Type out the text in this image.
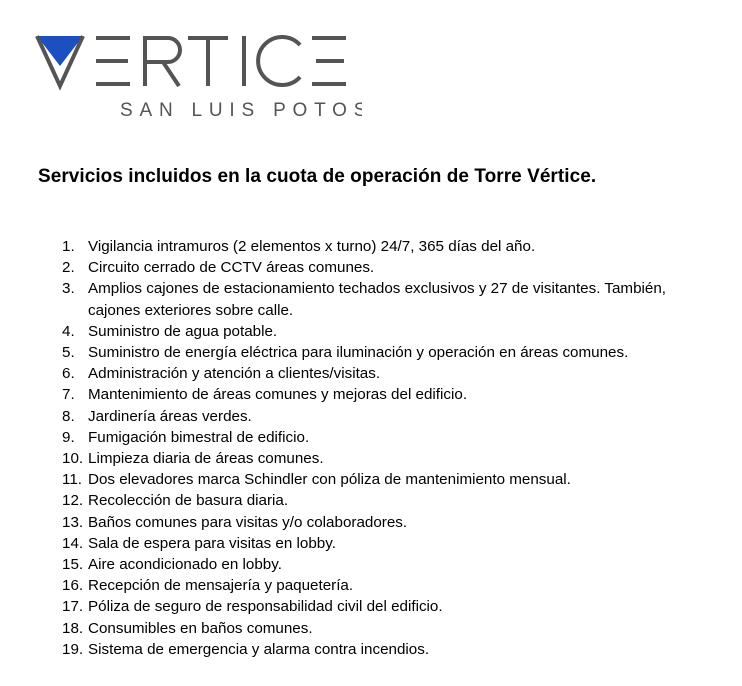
SAN LUIS POTOSÍ
Servicios incluidos en la cuota de operación de Torre Vértice.
1. Vigilancia intramuros (2 elementos x turno) 24/7, 365 días del año.
2. Circuito cerrado de CCTV áreas comunes.
3. Amplios cajones de estacionamiento techados exclusivos y 27 de visitantes. También, cajones exteriores sobre calle.
4. Suministro de agua potable.
5. Suministro de energía eléctrica para iluminación y operación en áreas comunes.
6. Administración y atención a clientes/visitas.
7. Mantenimiento de áreas comunes y mejoras del edificio.
8. Jardinería áreas verdes.
9. Fumigación bimestral de edificio.
10. Limpieza diaria de áreas comunes.
11. Dos elevadores marca Schindler con póliza de mantenimiento mensual.
12. Recolección de basura diaria.
13. Baños comunes para visitas y/o colaboradores.
14. Sala de espera para visitas en lobby.
15. Aire acondicionado en lobby.
16. Recepción de mensajería y paquetería.
17. Póliza de seguro de responsabilidad civil del edificio.
18. Consumibles en baños comunes.
19. Sistema de emergencia y alarma contra incendios.
